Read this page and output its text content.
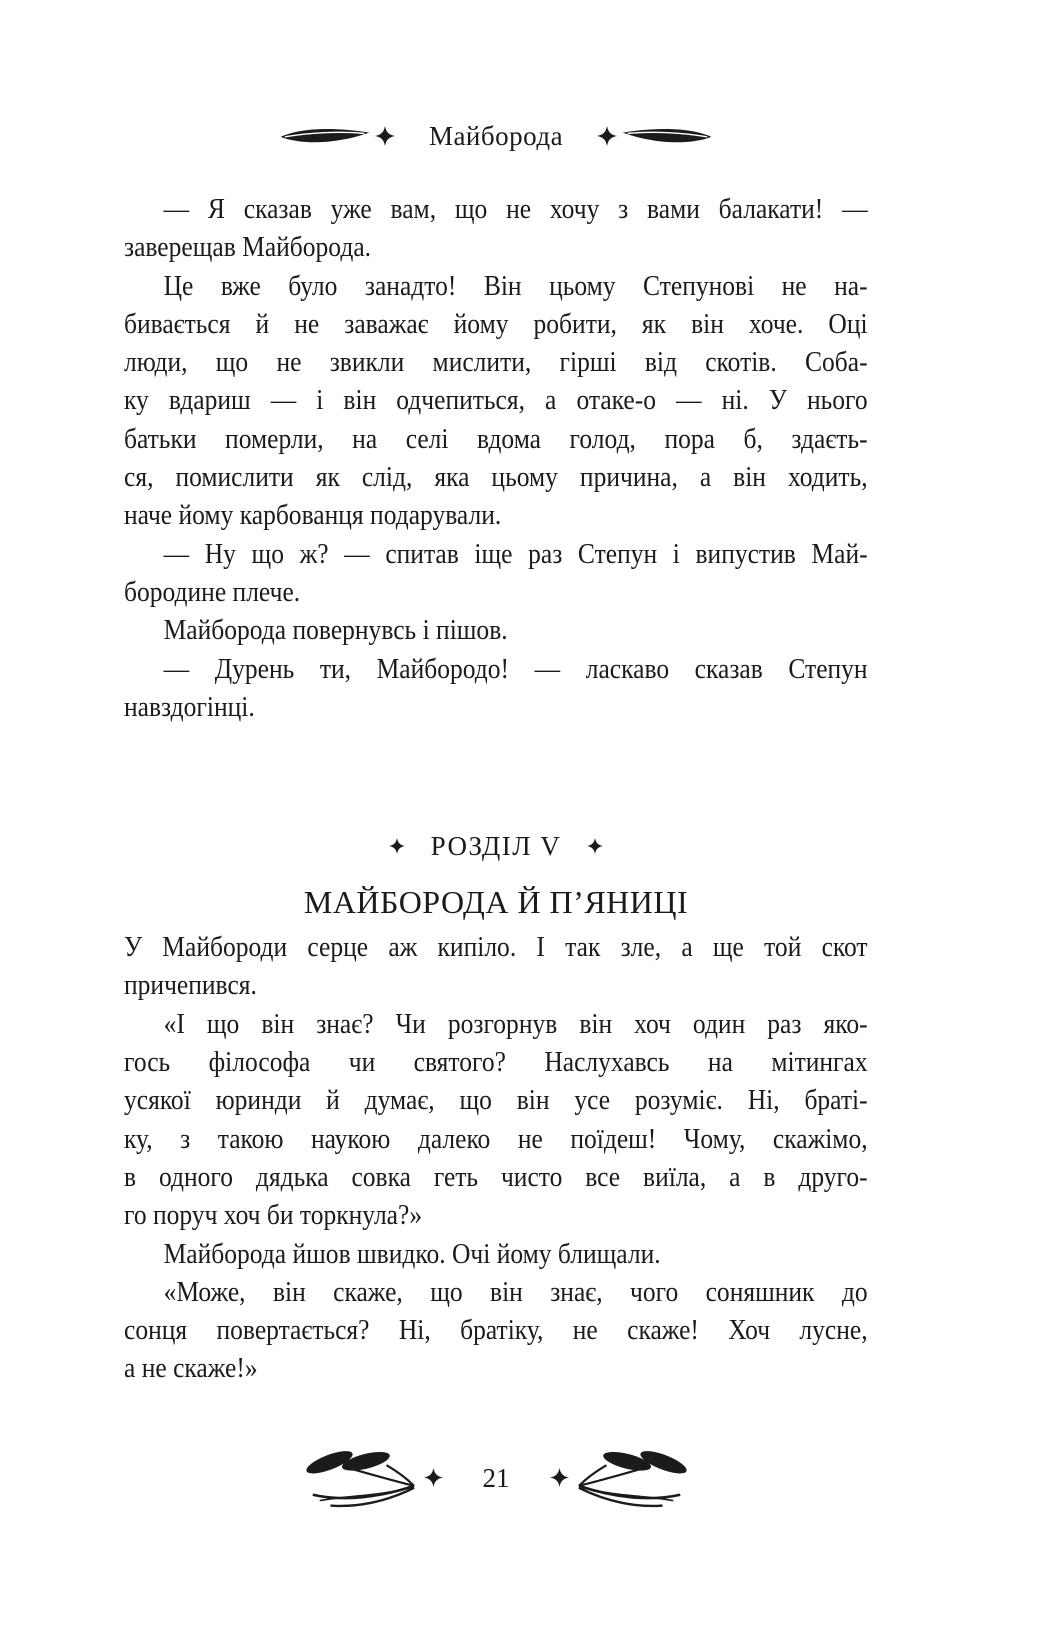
Майборода

— Я сказав уже вам, що не хочу з вами балакати! —
заверещав Майборода.

Це вже було занадто! Він цьому Степунові не на-
бивається й не заважає йому робити, як він хоче. Оці
люди, що не звикли мислити, гірші від скотів. Соба-
ку вдариш — і він одчепиться, а отаке-о — ні. У нього
батьки померли, на селі вдома голод, пора б, здаєть-
ся, помислити як слід, яка цьому причина, а він ходить,
наче йому карбованця подарували.

— Ну що ж? — спитав іще раз Степун і випустив Май-
бородине плече.

Майборода повернувсь і пішов.

— Дурень ти, Майбородо! — ласкаво сказав Степун
навздогінці.

РОЗДІЛ V
МАЙБОРОДА Й П’ЯНИЦІ

У Майбороди серце аж кипіло. І так зле, а ще той скот
причепився.

«І що він знає? Чи розгорнув він хоч один раз яко-
гось філософа чи святого? Наслухавсь на мітингах
усякої юринди й думає, що він усе розуміє. Ні, браті-
ку, з такою наукою далеко не поїдеш! Чому, скажімо,
в одного дядька совка геть чисто все виїла, а в друго-
го поруч хоч би торкнула?»

Майборода йшов швидко. Очі йому блищали.

«Може, він скаже, що він знає, чого соняшник до
сонця повертається? Ні, братіку, не скаже! Хоч лусне,
а не скаже!»

21
